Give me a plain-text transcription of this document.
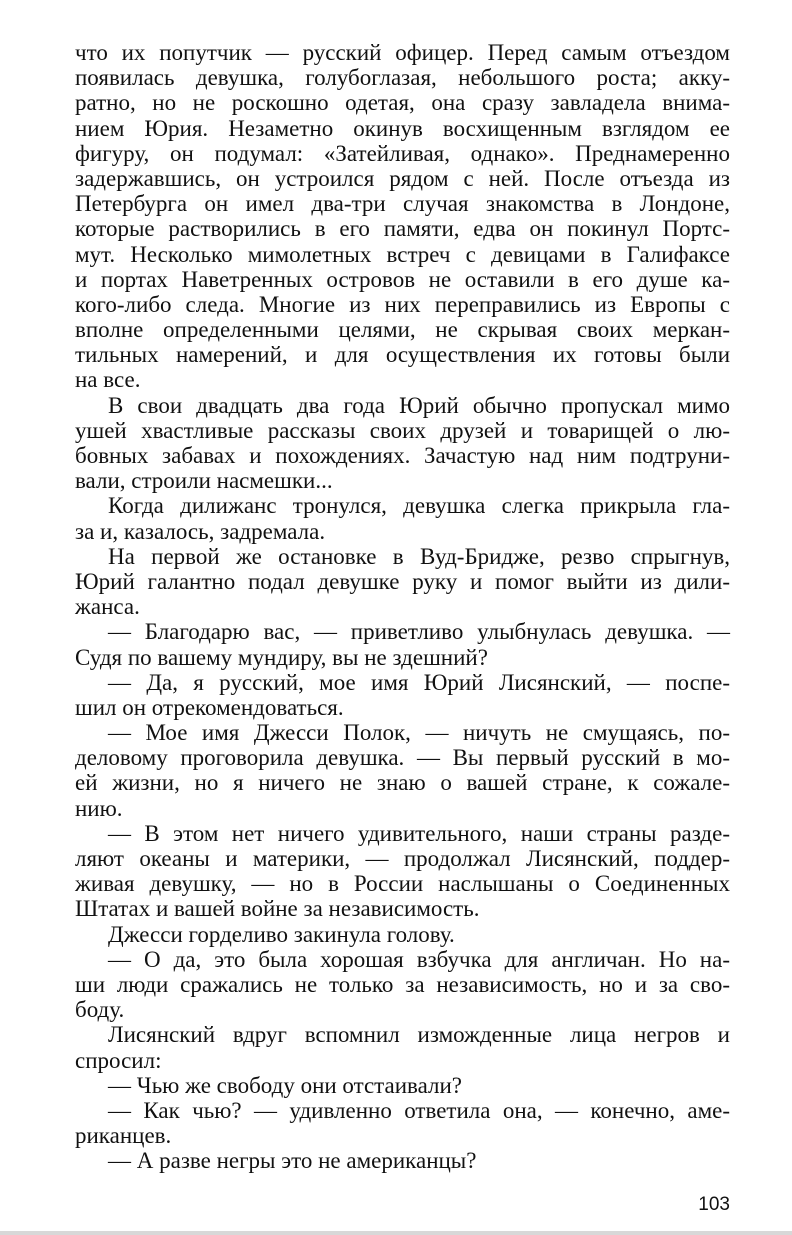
что их попутчик — русский офицер. Перед самым отъездом
появилась девушка, голубоглазая, небольшого роста; акку-
ратно, но не роскошно одетая, она сразу завладела внима-
нием Юрия. Незаметно окинув восхищенным взглядом ее
фигуру, он подумал: «Затейливая, однако». Преднамеренно
задержавшись, он устроился рядом с ней. После отъезда из
Петербурга он имел два-три случая знакомства в Лондоне,
которые растворились в его памяти, едва он покинул Портс-
мут. Несколько мимолетных встреч с девицами в Галифаксе
и портах Наветренных островов не оставили в его душе ка-
кого-либо следа. Многие из них переправились из Европы с
вполне определенными целями, не скрывая своих меркан-
тильных намерений, и для осуществления их готовы были
на все.
В свои двадцать два года Юрий обычно пропускал мимо
ушей хвастливые рассказы своих друзей и товарищей о лю-
бовных забавах и похождениях. Зачастую над ним подтруни-
вали, строили насмешки...
Когда дилижанс тронулся, девушка слегка прикрыла гла-
за и, казалось, задремала.
На первой же остановке в Вуд-Бридже, резво спрыгнув,
Юрий галантно подал девушке руку и помог выйти из дили-
жанса.
— Благодарю вас, — приветливо улыбнулась девушка. —
Судя по вашему мундиру, вы не здешний?
— Да, я русский, мое имя Юрий Лисянский, — поспе-
шил он отрекомендоваться.
— Мое имя Джесси Полок, — ничуть не смущаясь, по-
деловому проговорила девушка. — Вы первый русский в мо-
ей жизни, но я ничего не знаю о вашей стране, к сожале-
нию.
— В этом нет ничего удивительного, наши страны разде-
ляют океаны и материки, — продолжал Лисянский, поддер-
живая девушку, — но в России наслышаны о Соединенных
Штатах и вашей войне за независимость.
Джесси горделиво закинула голову.
— О да, это была хорошая взбучка для англичан. Но на-
ши люди сражались не только за независимость, но и за сво-
боду.
Лисянский вдруг вспомнил изможденные лица негров и
спросил:
— Чью же свободу они отстаивали?
— Как чью? — удивленно ответила она, — конечно, аме-
риканцев.
— А разве негры это не американцы?
103
